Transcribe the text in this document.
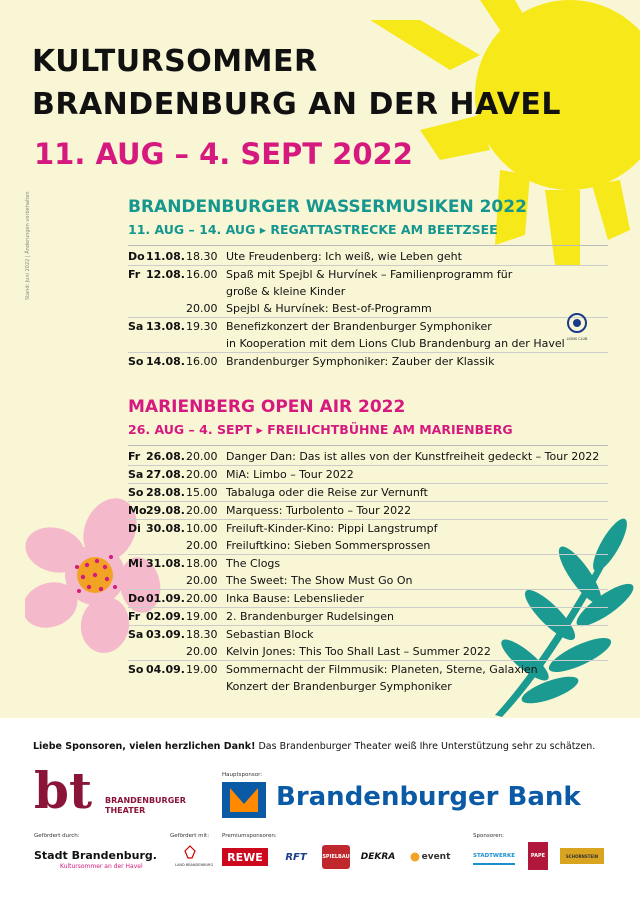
Stand: Juni 2022 | Änderungen vorbehalten
KULTURSOMMER
BRANDENBURG AN DER HAVEL
11. AUG – 4. SEPT 2022
BRANDENBURGER WASSERMUSIKEN 2022
11. AUG – 14. AUG ▸ REGATTASTRECKE AM BEETZSEE
Do 11.08. 18.30 Ute Freudenberg: Ich weiß, wie Leben geht
Fr 12.08. 16.00 Spaß mit Spejbl & Hurvínek – Familienprogramm für
große & kleine Kinder
20.00 Spejbl & Hurvínek: Best-of-Programm
Sa 13.08. 19.30 Benefizkonzert der Brandenburger Symphoniker
in Kooperation mit dem Lions Club Brandenburg an der Havel
So 14.08. 16.00 Brandenburger Symphoniker: Zauber der Klassik
LIONS CLUB
MARIENBERG OPEN AIR 2022
26. AUG – 4. SEPT ▸ FREILICHTBÜHNE AM MARIENBERG
Fr 26.08. 20.00 Danger Dan: Das ist alles von der Kunstfreiheit gedeckt – Tour 2022
Sa 27.08. 20.00 MiA: Limbo – Tour 2022
So 28.08. 15.00 Tabaluga oder die Reise zur Vernunft
Mo 29.08. 20.00 Marquess: Turbolento – Tour 2022
Di 30.08. 10.00 Freiluft-Kinder-Kino: Pippi Langstrumpf
20.00 Freiluftkino: Sieben Sommersprossen
Mi 31.08. 18.00 The Clogs
20.00 The Sweet: The Show Must Go On
Do 01.09. 20.00 Inka Bause: Lebenslieder
Fr 02.09. 19.00 2. Brandenburger Rudelsingen
Sa 03.09. 18.30 Sebastian Block
20.00 Kelvin Jones: This Too Shall Last – Summer 2022
So 04.09. 19.00 Sommernacht der Filmmusik: Planeten, Sterne, Galaxien
Konzert der Brandenburger Symphoniker
Liebe Sponsoren, vielen herzlichen Dank! Das Brandenburger Theater weiß Ihre Unterstützung sehr zu schätzen.
bt BRANDENBURGER
THEATER
Hauptsponsor:
Brandenburger Bank
Gefördert durch:
Stadt Brandenburg.
Kultursommer an der Havel
Gefördert mit:
LAND BRANDENBURG
Premiumsponsoren:
REWE	RFT	SPIELBAU	DEKRA	event
Sponsoren:
STADTWERKE	PAPE	SCHORNSTEIN
